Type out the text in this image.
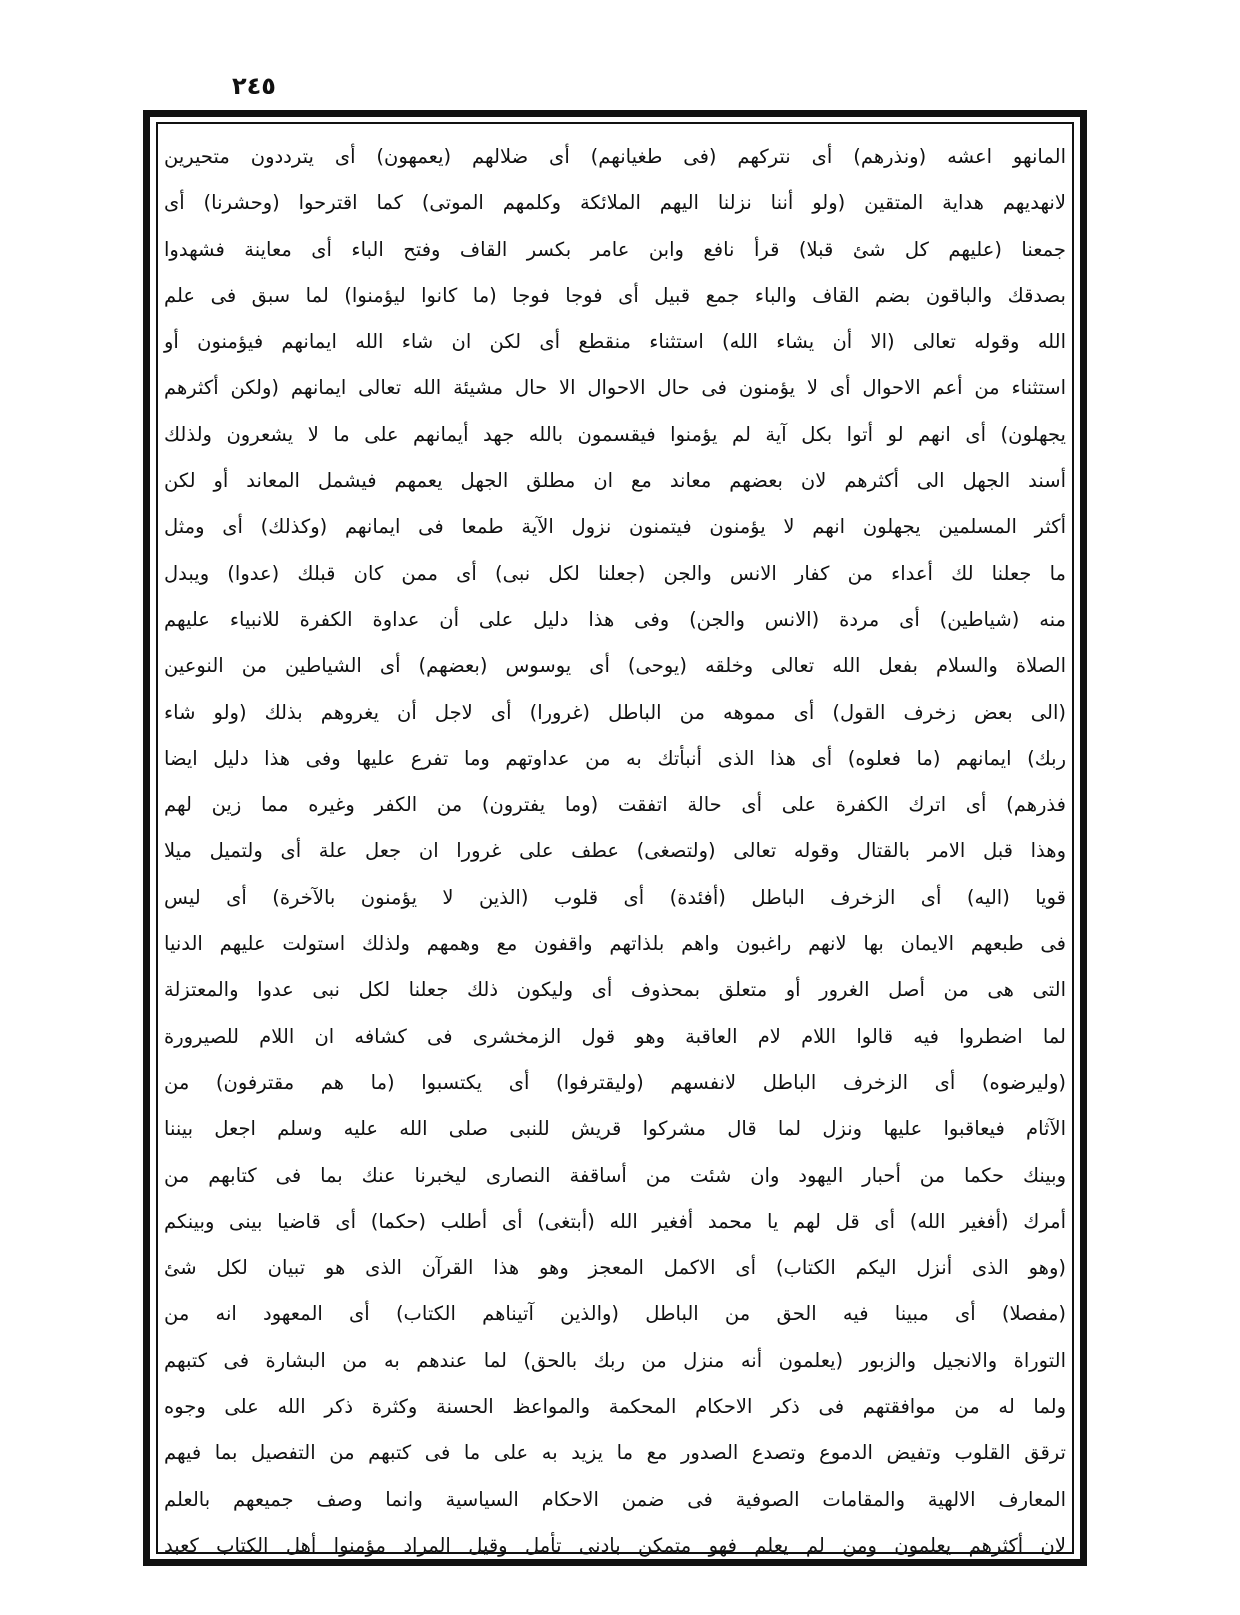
٢٤٥
المانهو اعشه (ونذرهم) أى نتركهم (فى طغيانهم) أى ضلالهم (يعمهون) أى يترددون متحيرين
لانهديهم هداية المتقين (ولو أننا نزلنا اليهم الملائكة وكلمهم الموتى) كما اقترحوا (وحشرنا) أى
جمعنا (عليهم كل شئ قبلا) قرأ نافع وابن عامر بكسر القاف وفتح الباء أى معاينة فشهدوا
بصدقك والباقون بضم القاف والباء جمع قبيل أى فوجا فوجا (ما كانوا ليؤمنوا) لما سبق فى علم
الله وقوله تعالى (الا أن يشاء الله) استثناء منقطع أى لكن ان شاء الله ايمانهم فيؤمنون أو
استثناء من أعم الاحوال أى لا يؤمنون فى حال الاحوال الا حال مشيئة الله تعالى ايمانهم (ولكن أكثرهم
يجهلون) أى انهم لو أتوا بكل آية لم يؤمنوا فيقسمون بالله جهد أيمانهم على ما لا يشعرون ولذلك
أسند الجهل الى أكثرهم لان بعضهم معاند مع ان مطلق الجهل يعمهم فيشمل المعاند أو لكن
أكثر المسلمين يجهلون انهم لا يؤمنون فيتمنون نزول الآية طمعا فى ايمانهم (وكذلك) أى ومثل
ما جعلنا لك أعداء من كفار الانس والجن (جعلنا لكل نبى) أى ممن كان قبلك (عدوا) ويبدل
منه (شياطين) أى مردة (الانس والجن) وفى هذا دليل على أن عداوة الكفرة للانبياء عليهم
الصلاة والسلام بفعل الله تعالى وخلقه (يوحى) أى يوسوس (بعضهم) أى الشياطين من النوعين
(الى بعض زخرف القول) أى مموهه من الباطل (غرورا) أى لاجل أن يغروهم بذلك (ولو شاء
ربك) ايمانهم (ما فعلوه) أى هذا الذى أنبأتك به من عداوتهم وما تفرع عليها وفى هذا دليل ايضا
فذرهم) أى اترك الكفرة على أى حالة اتفقت (وما يفترون) من الكفر وغيره مما زين لهم
وهذا قبل الامر بالقتال وقوله تعالى (ولتصغى) عطف على غرورا ان جعل علة أى ولتميل ميلا
قويا (اليه) أى الزخرف الباطل (أفئدة) أى قلوب (الذين لا يؤمنون بالآخرة) أى ليس
فى طبعهم الايمان بها لانهم راغبون واهم بلذاتهم واقفون مع وهمهم ولذلك استولت عليهم الدنيا
التى هى من أصل الغرور أو متعلق بمحذوف أى وليكون ذلك جعلنا لكل نبى عدوا والمعتزلة
لما اضطروا فيه قالوا اللام لام العاقبة وهو قول الزمخشرى فى كشافه ان اللام للصيرورة
(وليرضوه) أى الزخرف الباطل لانفسهم (وليقترفوا) أى يكتسبوا (ما هم مقترفون) من
الآثام فيعاقبوا عليها ونزل لما قال مشركوا قريش للنبى صلى الله عليه وسلم اجعل بيننا
وبينك حكما من أحبار اليهود وان شئت من أساقفة النصارى ليخبرنا عنك بما فى كتابهم من
أمرك (أفغير الله) أى قل لهم يا محمد أفغير الله (أبتغى) أى أطلب (حكما) أى قاضيا بينى وبينكم
(وهو الذى أنزل اليكم الكتاب) أى الاكمل المعجز وهو هذا القرآن الذى هو تبيان لكل شئ
(مفصلا) أى مبينا فيه الحق من الباطل (والذين آتيناهم الكتاب) أى المعهود انه من
التوراة والانجيل والزبور (يعلمون أنه منزل من ربك بالحق) لما عندهم به من البشارة فى كتبهم
ولما له من موافقتهم فى ذكر الاحكام المحكمة والمواعظ الحسنة وكثرة ذكر الله على وجوه
ترقق القلوب وتفيض الدموع وتصدع الصدور مع ما يزيد به على ما فى كتبهم من التفصيل بما فيهم
المعارف الالهية والمقامات الصوفية فى ضمن الاحكام السياسية وانما وصف جميعهم بالعلم
لان أكثرهم يعلمون ومن لم يعلم فهو متمكن بادنى تأمل وقيل المراد مؤمنوا أهل الكتاب كعبد
